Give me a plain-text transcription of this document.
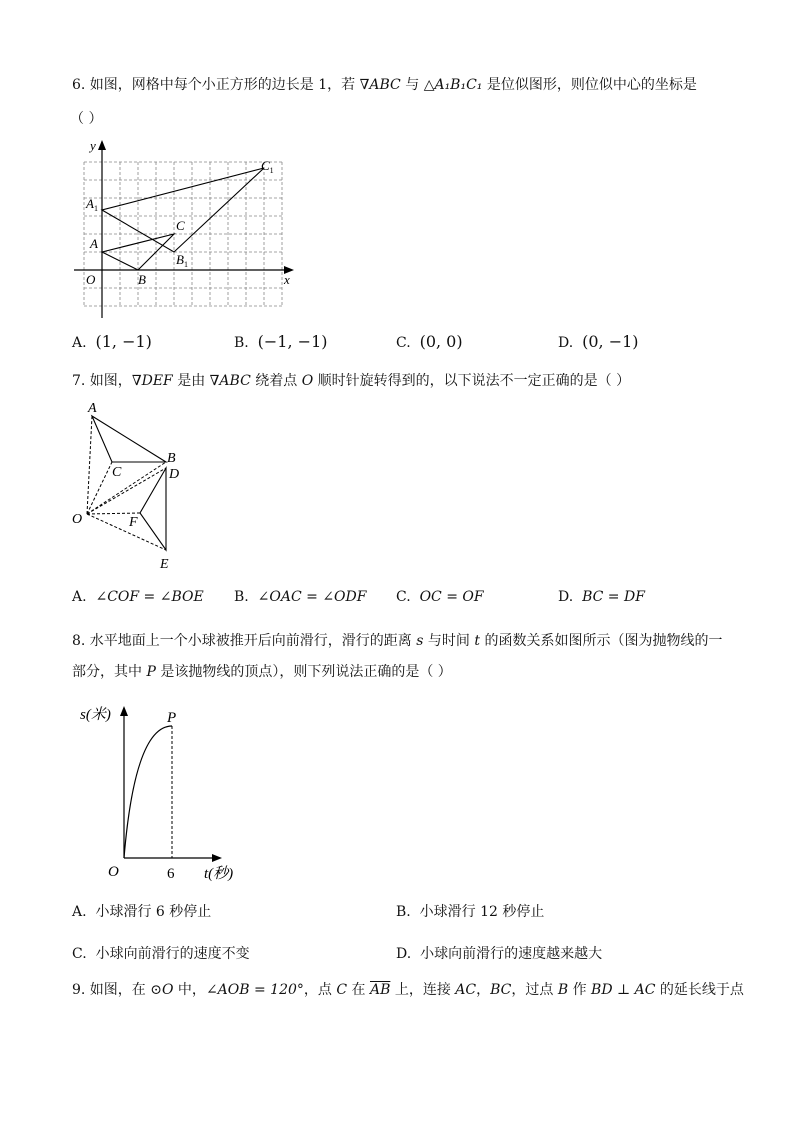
6. 如图，网格中每个小正方形的边长是 1，若 ∇ABC 与 △A₁B₁C₁ 是位似图形，则位似中心的坐标是
（ ）
y
x
O
A
B
C
$A_1$
$B_1$
$C_1$
A. (1, −1)	B. (−1, −1)	C. (0, 0)	D. (0, −1)
7. 如图，∇DEF 是由 ∇ABC 绕着点 O 顺时针旋转得到的，以下说法不一定正确的是（ ）
A
B
C	D
E
F
O
A. ∠COF = ∠BOE B. ∠OAC = ∠ODF C. OC = OF	D. BC = DF
8. 水平地面上一个小球被推开后向前滑行，滑行的距离 s 与时间 t 的函数关系如图所示（图为抛物线的一
部分，其中 P 是该抛物线的顶点），则下列说法正确的是（ ）
s(米)	P
O	6 t(秒)
A. 小球滑行 6 秒停止	B. 小球滑行 12 秒停止
C. 小球向前滑行的速度不变	D. 小球向前滑行的速度越来越大
9. 如图，在 ⊙O 中，∠AOB = 120°，点 C 在 $\overline{AB}$ 上，连接 AC，BC，过点 B 作 BD ⊥ AC 的延长线于点
